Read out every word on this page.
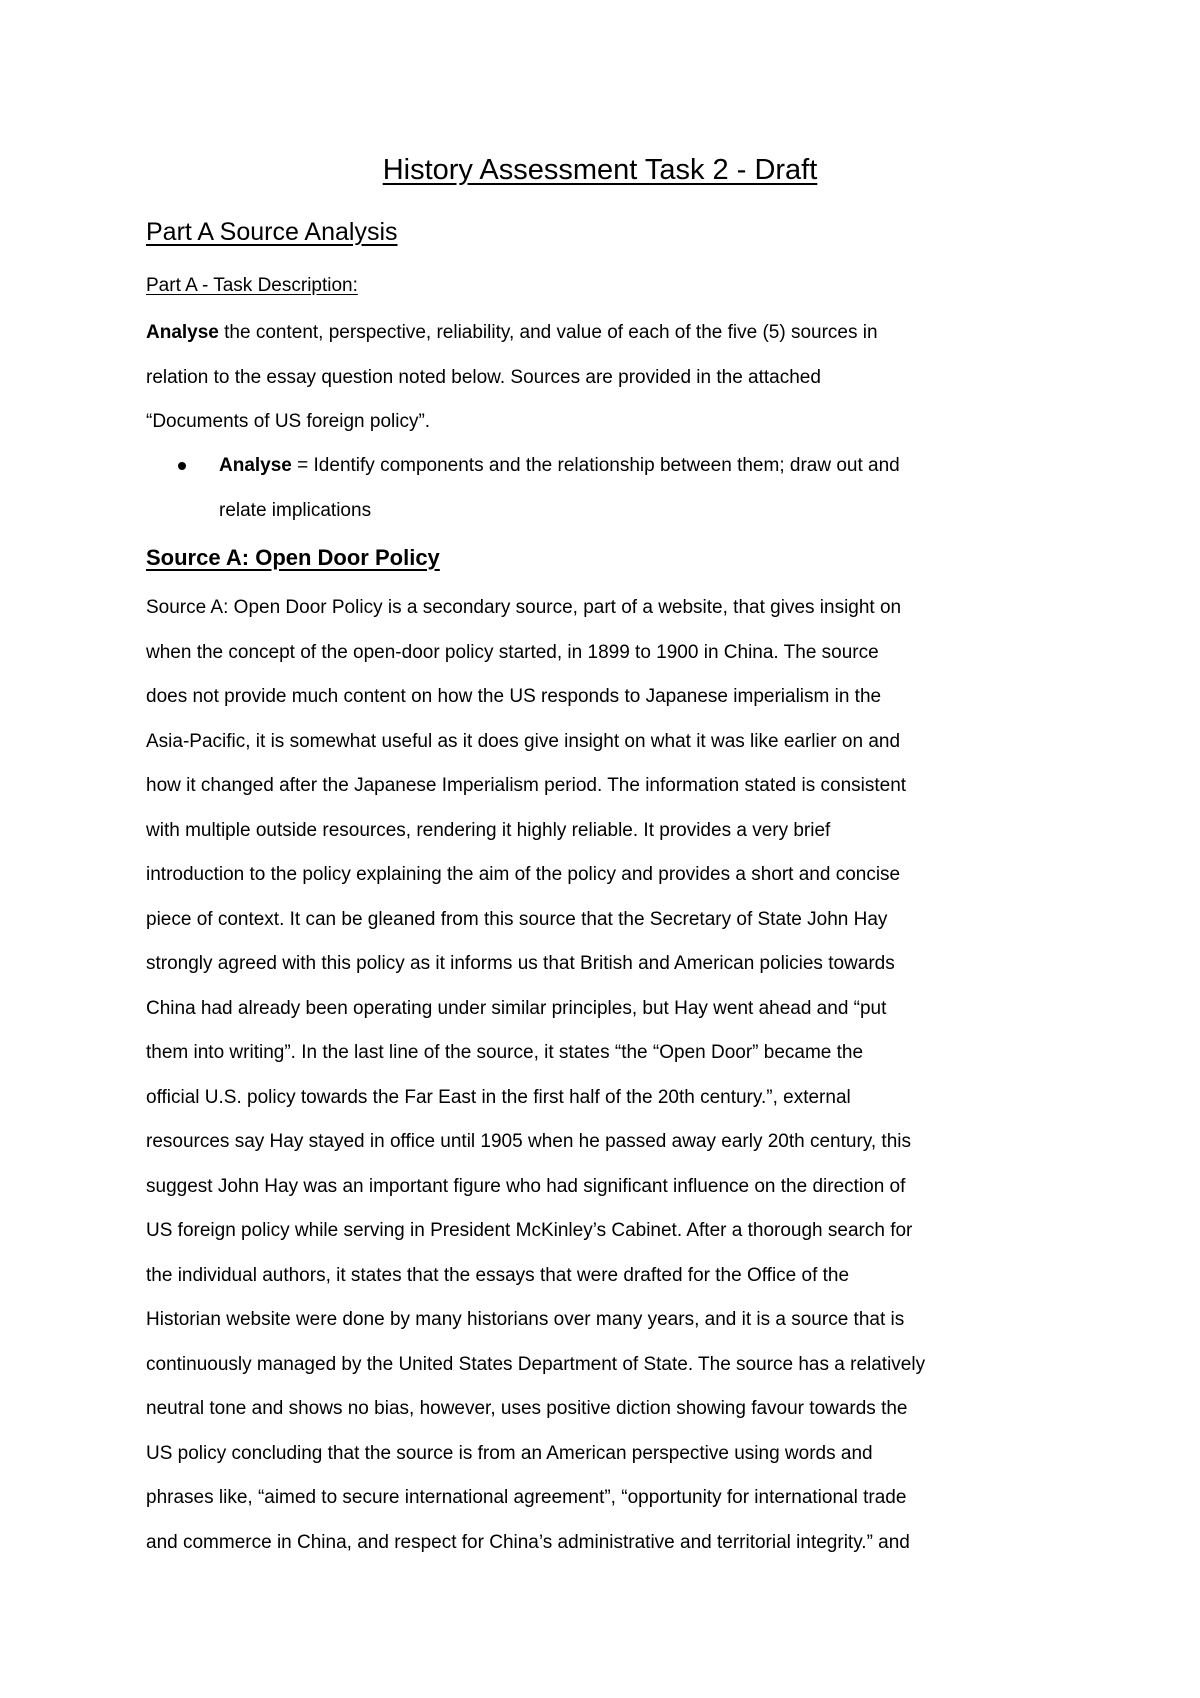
History Assessment Task 2 - Draft
Part A Source Analysis
Part A - Task Description:
Analyse the content, perspective, reliability, and value of each of the five (5) sources in
relation to the essay question noted below. Sources are provided in the attached
“Documents of US foreign policy”.
Analyse = Identify components and the relationship between them; draw out and
relate implications
Source A: Open Door Policy
Source A: Open Door Policy is a secondary source, part of a website, that gives insight on
when the concept of the open-door policy started, in 1899 to 1900 in China. The source
does not provide much content on how the US responds to Japanese imperialism in the
Asia-Pacific, it is somewhat useful as it does give insight on what it was like earlier on and
how it changed after the Japanese Imperialism period. The information stated is consistent
with multiple outside resources, rendering it highly reliable. It provides a very brief
introduction to the policy explaining the aim of the policy and provides a short and concise
piece of context. It can be gleaned from this source that the Secretary of State John Hay
strongly agreed with this policy as it informs us that British and American policies towards
China had already been operating under similar principles, but Hay went ahead and “put
them into writing”. In the last line of the source, it states “the “Open Door” became the
official U.S. policy towards the Far East in the first half of the 20th century.”, external
resources say Hay stayed in office until 1905 when he passed away early 20th century, this
suggest John Hay was an important figure who had significant influence on the direction of
US foreign policy while serving in President McKinley’s Cabinet. After a thorough search for
the individual authors, it states that the essays that were drafted for the Office of the
Historian website were done by many historians over many years, and it is a source that is
continuously managed by the United States Department of State. The source has a relatively
neutral tone and shows no bias, however, uses positive diction showing favour towards the
US policy concluding that the source is from an American perspective using words and
phrases like, “aimed to secure international agreement”, “opportunity for international trade
and commerce in China, and respect for China’s administrative and territorial integrity.” and
